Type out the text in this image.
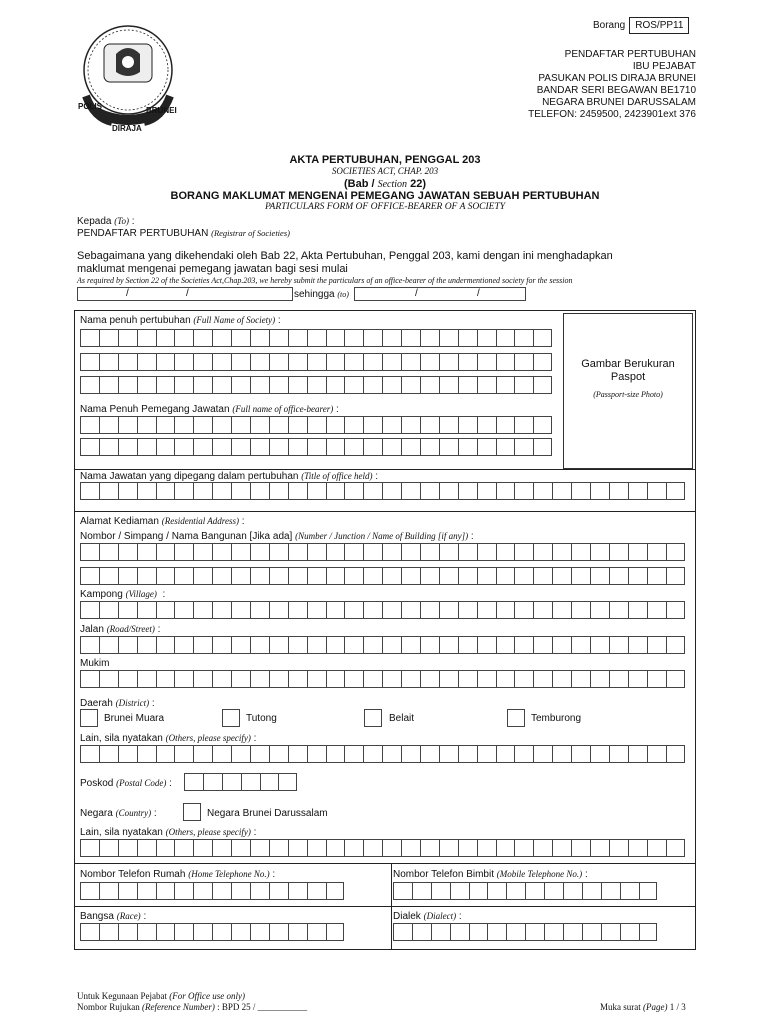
Borang ROS/PP11
POLIS
DIRAJA
BRUNEI
PENDAFTAR PERTUBUHAN
IBU PEJABAT
PASUKAN POLIS DIRAJA BRUNEI
BANDAR SERI BEGAWAN BE1710
NEGARA BRUNEI DARUSSALAM
TELEFON: 2459500, 2423901ext 376
AKTA PERTUBUHAN, PENGGAL 203
SOCIETIES ACT, CHAP. 203
(Bab / Section 22)
BORANG MAKLUMAT MENGENAI PEMEGANG JAWATAN SEBUAH PERTUBUHAN
PARTICULARS FORM OF OFFICE-BEARER OF A SOCIETY
Kepada (To) :
PENDAFTAR PERTUBUHAN (Registrar of Societies)
Sebagaimana yang dikehendaki oleh Bab 22, Akta Pertubuhan, Penggal 203, kami dengan ini menghadapkan
maklumat mengenai pemegang jawatan bagi sesi mulai
As required by Section 22 of the Societies Act,Chap.203, we hereby submit the particulars of an office-bearer of the undermentioned society for the session
/	/	sehingga (to)	/	/
Gambar Berukuran
Paspot
(Passport-size Photo)
Nama penuh pertubuhan (Full Name of Society) :
Nama Penuh Pemegang Jawatan (Full name of office-bearer) :
Nama Jawatan yang dipegang dalam pertubuhan (Title of office held) :
Alamat Kediaman (Residential Address) :
Nombor / Simpang / Nama Bangunan [Jika ada] (Number / Junction / Name of Building [if any]) :
Kampong (Village)  :
Jalan (Road/Street) :
Mukim
Daerah (District) :
Brunei Muara	Tutong	Belait	Temburong
Lain, sila nyatakan (Others, please specify) :
Poskod (Postal Code) :
Negara (Country) :	Negara Brunei Darussalam
Lain, sila nyatakan (Others, please specify) :
Nombor Telefon Rumah (Home Telephone No.) :	Nombor Telefon Bimbit (Mobile Telephone No.) :
Bangsa (Race) :	Dialek (Dialect) :
Untuk Kegunaan Pejabat (For Office use only)
Nombor Rujukan (Reference Number) : BPD 25 / ___________	Muka surat (Page) 1 / 3
